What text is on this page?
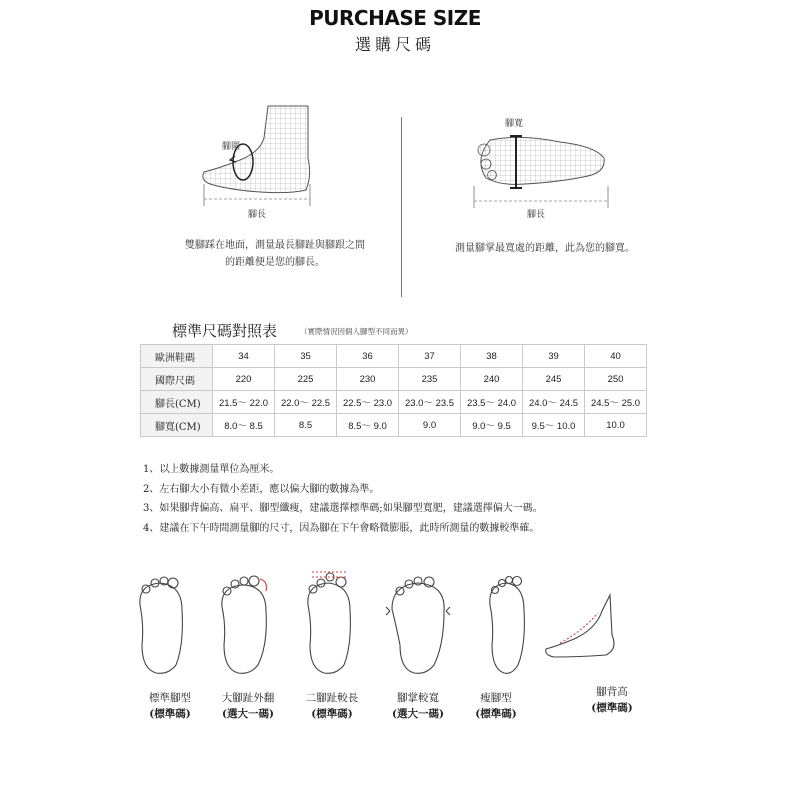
PURCHASE SIZE
選購尺碼
腳圍
腳長
雙腳踩在地面，測量最長腳趾與腳跟之間
的距離便是您的腳長。
腳寬
腳長
測量腳掌最寬處的距離，此為您的腳寬。
標準尺碼對照表	（實際情況因個人腳型不同而異）
歐洲鞋碼	34	35	36	37	38	39	40
國際尺碼	220	225	230	235	240	245	250
腳長(CM)	21.5～ 22.0	22.0～ 22.5	22.5～ 23.0	23.0～ 23.5	23.5～ 24.0	24.0～ 24.5	24.5～ 25.0
腳寬(CM)	8.0～ 8.5	8.5	8.5～ 9.0	9.0	9.0～ 9.5	9.5～ 10.0	10.0
1、以上數據測量單位為厘米。
2、左右腳大小有微小差距，應以偏大腳的數據為準。
3、如果腳背偏高、扁平、腳型纖瘦，建議選擇標準碼;如果腳型寬肥，建議選擇偏大一碼。
4、建議在下午時間測量腳的尺寸，因為腳在下午會略微膨脹，此時所測量的數據較準確。
標準腳型
(標準碼)
大腳趾外翻
(選大一碼)
二腳趾較長
(標準碼)
腳掌較寬
(選大一碼)
瘦腳型
(標準碼)
腳背高
(標準碼)
